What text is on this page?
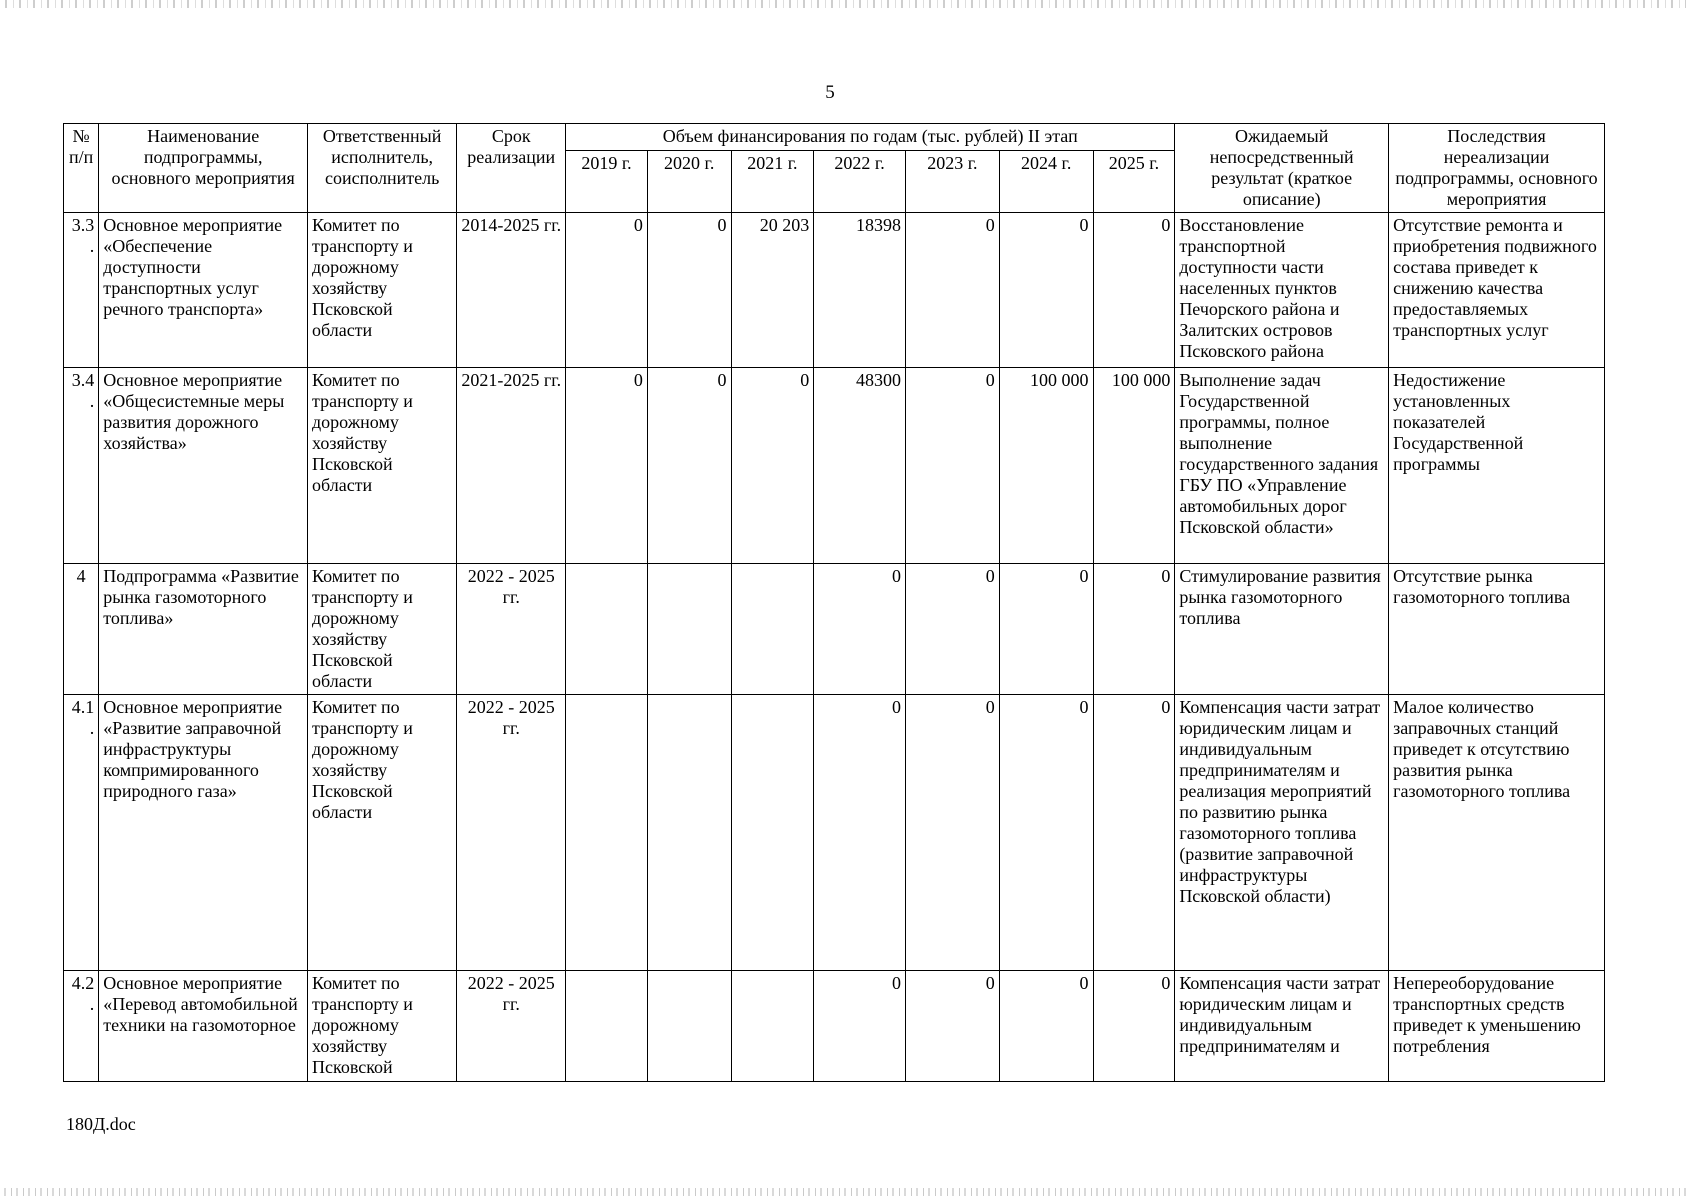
5
№ п/п	Наименование подпрограммы, основного мероприятия	Ответственный исполнитель, соисполнитель	Срок реализации	Объем финансирования по годам (тыс. рублей) II этап							Ожидаемый непосредственный результат (краткое описание)	Последствия нереализации подпрограммы, основного мероприятия
				2019 г.	2020 г.	2021 г.	2022 г.	2023 г.	2024 г.	2025 г.		
3.3.	Основное мероприятие «Обеспечение доступности транспортных услуг речного транспорта»	Комитет по транспорту и дорожному хозяйству Псковской области	2014-2025 гг.	0	0	20 203	18398	0	0	0	Восстановление транспортной доступности части населенных пунктов Печорского района и Залитских островов Псковского района	Отсутствие ремонта и приобретения подвижного состава приведет к снижению качества предоставляемых транспортных услуг
3.4.	Основное мероприятие «Общесистемные меры развития дорожного хозяйства»	Комитет по транспорту и дорожному хозяйству Псковской области	2021-2025 гг.	0	0	0	48300	0	100 000	100 000	Выполнение задач Государственной программы, полное выполнение государственного задания ГБУ ПО «Управление автомобильных дорог Псковской области»	Недостижение установленных показателей Государственной программы
4	Подпрограмма «Развитие рынка газомоторного топлива»	Комитет по транспорту и дорожному хозяйству Псковской области	2022 - 2025 гг.				0	0	0	0	Стимулирование развития рынка газомоторного топлива	Отсутствие рынка газомоторного топлива
4.1.	Основное мероприятие «Развитие заправочной инфраструктуры компримированного природного газа»	Комитет по транспорту и дорожному хозяйству Псковской области	2022 - 2025 гг.				0	0	0	0	Компенсация части затрат юридическим лицам и индивидуальным предпринимателям и реализация мероприятий по развитию рынка газомоторного топлива (развитие заправочной инфраструктуры Псковской области)	Малое количество заправочных станций приведет к отсутствию развития рынка газомоторного топлива
4.2.	Основное мероприятие «Перевод автомобильной техники на газомоторное	Комитет по транспорту и дорожному хозяйству Псковской	2022 - 2025 гг.				0	0	0	0	Компенсация части затрат юридическим лицам и индивидуальным предпринимателям и	Непереоборудование транспортных средств приведет к уменьшению потребления
180Д.doc
